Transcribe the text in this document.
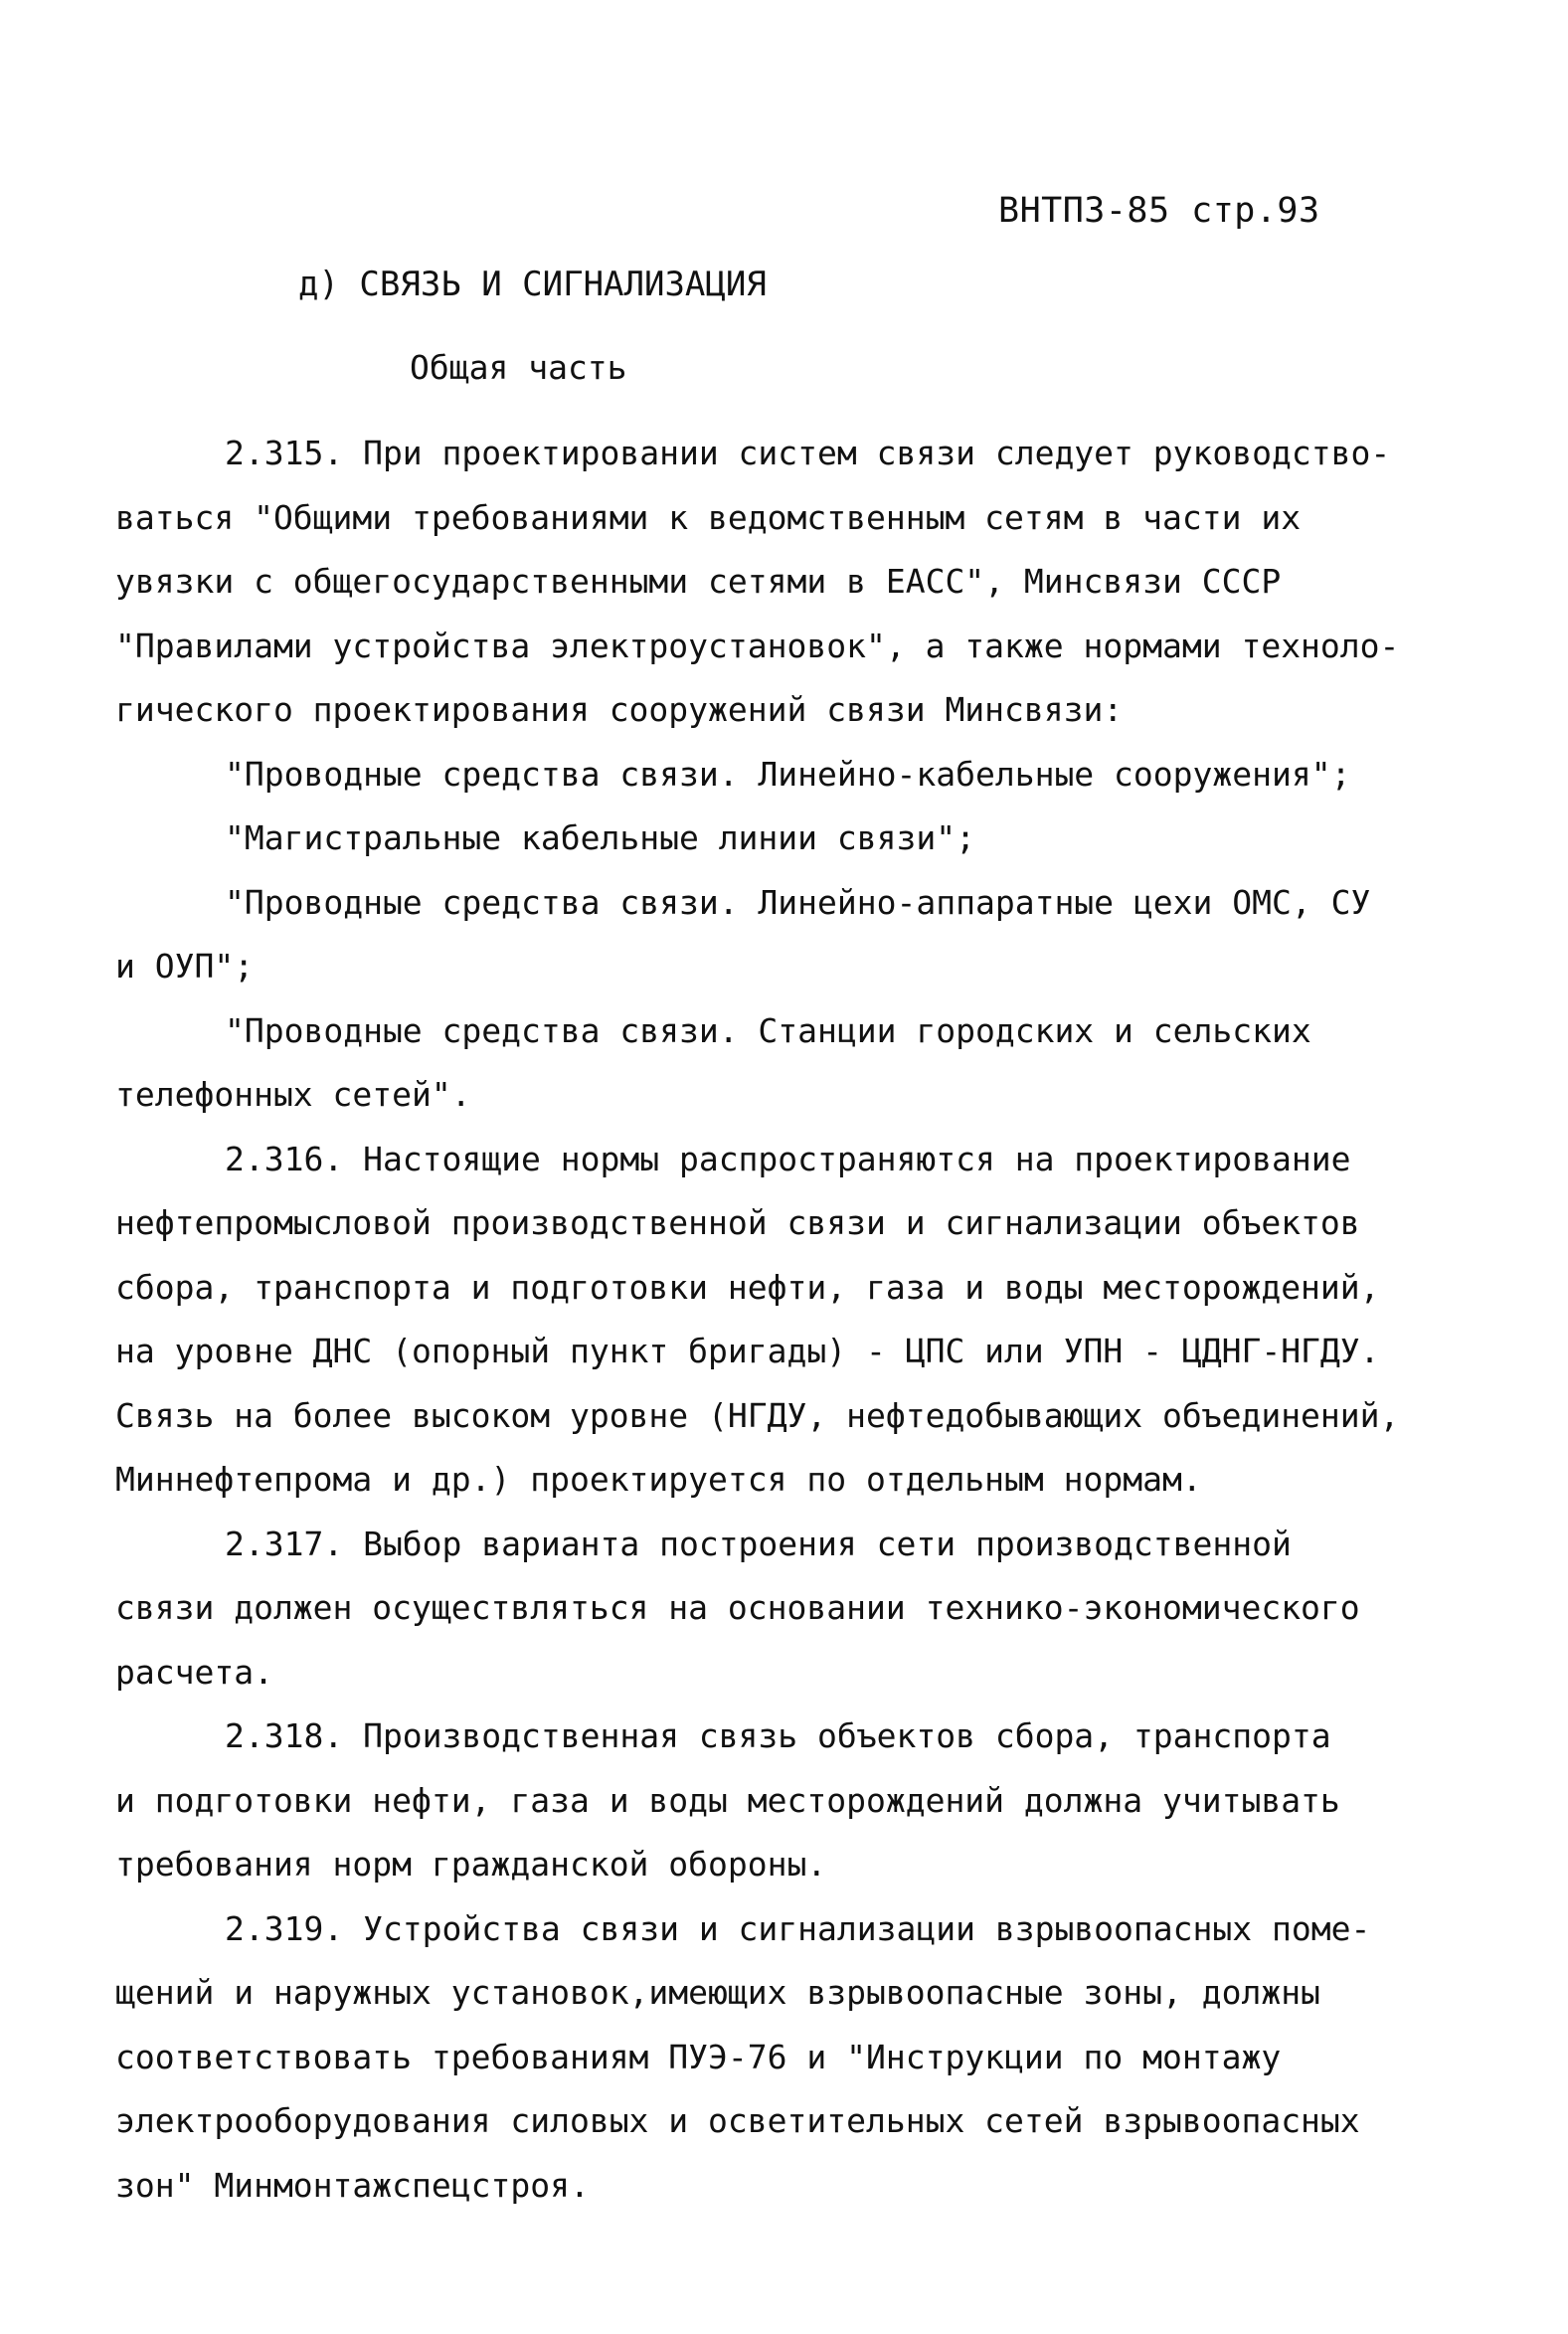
ВНТП3-85 стр.93
д) СВЯЗЬ И СИГНАЛИЗАЦИЯ
Общая часть
2.315. При проектировании систем связи следует руководство-
ваться "Общими требованиями к ведомственным сетям в части их
увязки с общегосударственными сетями в ЕАСС", Минсвязи СССР
"Правилами устройства электроустановок", а также нормами техноло-
гического проектирования сооружений связи Минсвязи:
"Проводные средства связи. Линейно-кабельные сооружения";
"Магистральные кабельные линии связи";
"Проводные средства связи. Линейно-аппаратные цехи ОМС, СУ
и ОУП";
"Проводные средства связи. Станции городских и сельских
телефонных сетей".
2.316. Настоящие нормы распространяются на проектирование
нефтепромысловой производственной связи и сигнализации объектов
сбора, транспорта и подготовки нефти, газа и воды месторождений,
на уровне ДНС (опорный пункт бригады) - ЦПС или УПН - ЦДНГ-НГДУ.
Связь на более высоком уровне (НГДУ, нефтедобывающих объединений,
Миннефтепрома и др.) проектируется по отдельным нормам.
2.317. Выбор варианта построения сети производственной
связи должен осуществляться на основании технико-экономического
расчета.
2.318. Производственная связь объектов сбора, транспорта
и подготовки нефти, газа и воды месторождений должна учитывать
требования норм гражданской обороны.
2.319. Устройства связи и сигнализации взрывоопасных поме-
щений и наружных установок,имеющих взрывоопасные зоны, должны
соответствовать требованиям ПУЭ-76 и "Инструкции по монтажу
электрооборудования силовых и осветительных сетей взрывоопасных
зон" Минмонтажспецстроя.
